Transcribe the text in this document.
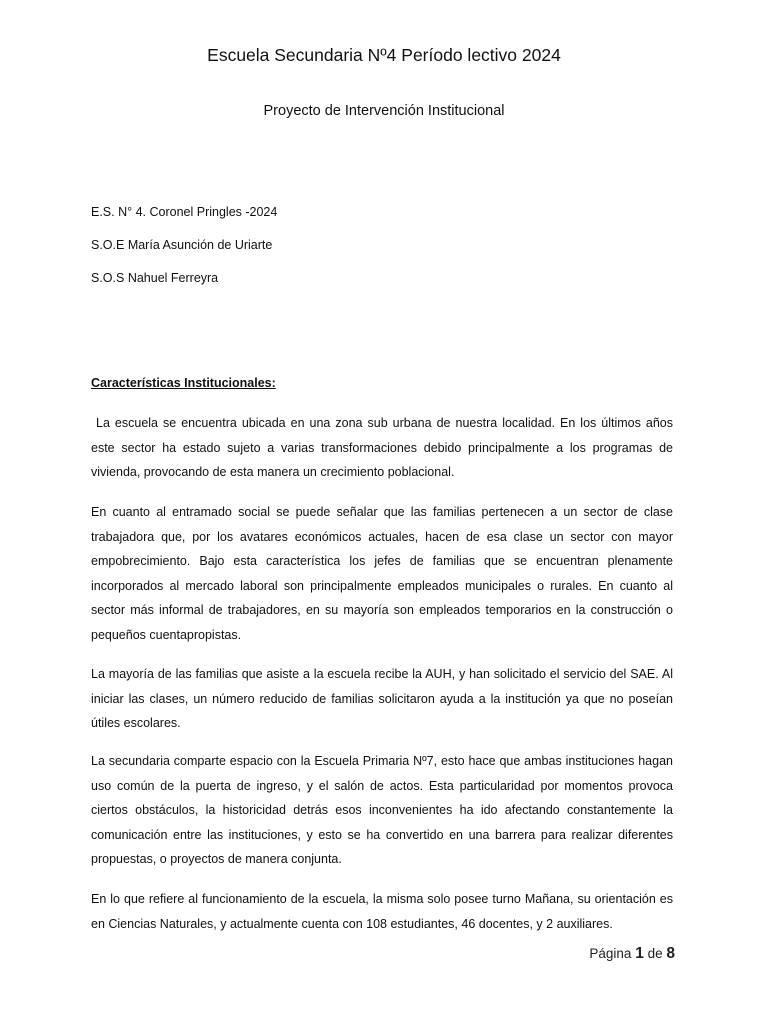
Escuela Secundaria Nº4 Período lectivo 2024
Proyecto de Intervención Institucional
E.S. N° 4. Coronel Pringles -2024
S.O.E María Asunción de Uriarte
S.O.S Nahuel Ferreyra
Características Institucionales:

La escuela se encuentra ubicada en una zona sub urbana de nuestra localidad. En los últimos años este sector ha estado sujeto a varias transformaciones debido principalmente a los programas de vivienda, provocando de esta manera un crecimiento poblacional.

En cuanto al entramado social se puede señalar que las familias pertenecen a un sector de clase trabajadora que, por los avatares económicos actuales, hacen de esa clase un sector con mayor empobrecimiento. Bajo esta característica los jefes de familias que se encuentran plenamente incorporados al mercado laboral son principalmente empleados municipales o rurales. En cuanto al sector más informal de trabajadores, en su mayoría son empleados temporarios en la construcción o pequeños cuentapropistas.

La mayoría de las familias que asiste a la escuela recibe la AUH, y han solicitado el servicio del SAE. Al iniciar las clases, un número reducido de familias solicitaron ayuda a la institución ya que no poseían útiles escolares.

La secundaria comparte espacio con la Escuela Primaria Nº7, esto hace que ambas instituciones hagan uso común de la puerta de ingreso, y el salón de actos. Esta particularidad por momentos provoca ciertos obstáculos, la historicidad detrás esos inconvenientes ha ido afectando constantemente la comunicación entre las instituciones, y esto se ha convertido en una barrera para realizar diferentes propuestas, o proyectos de manera conjunta.

En lo que refiere al funcionamiento de la escuela, la misma solo posee turno Mañana, su orientación es en Ciencias Naturales, y actualmente cuenta con 108 estudiantes, 46 docentes, y 2 auxiliares.

Página 1 de 8
